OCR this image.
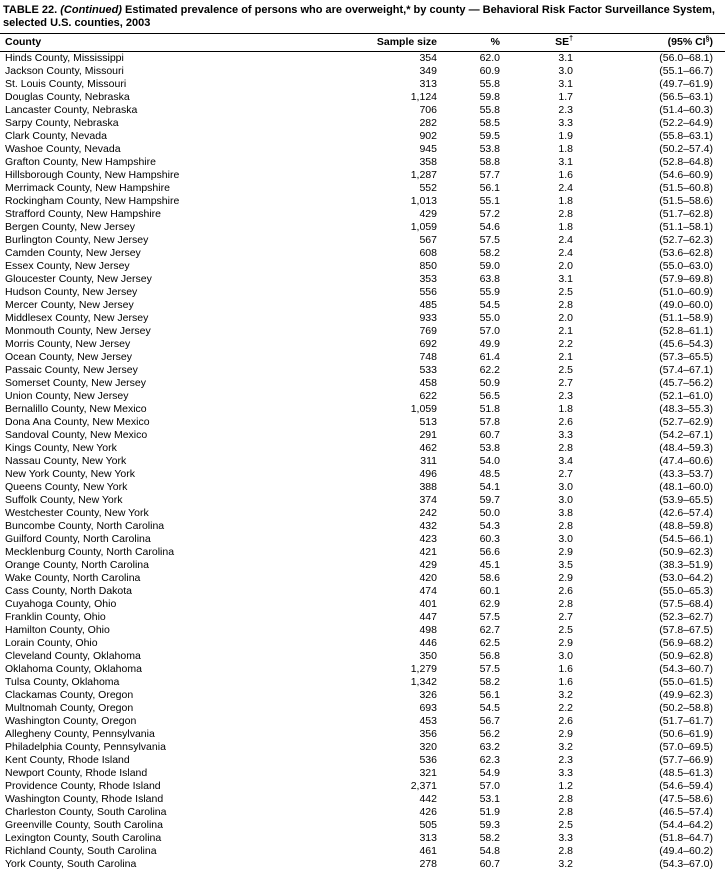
TABLE 22. (Continued) Estimated prevalence of persons who are overweight,* by county — Behavioral Risk Factor Surveillance System, selected U.S. counties, 2003
County	Sample size	%	SE†	(95% CI§)
Hinds County, Mississippi	354	62.0	3.1	(56.0–68.1)
Jackson County, Missouri	349	60.9	3.0	(55.1–66.7)
St. Louis County, Missouri	313	55.8	3.1	(49.7–61.9)
Douglas County, Nebraska	1,124	59.8	1.7	(56.5–63.1)
Lancaster County, Nebraska	706	55.8	2.3	(51.4–60.3)
Sarpy County, Nebraska	282	58.5	3.3	(52.2–64.9)
Clark County, Nevada	902	59.5	1.9	(55.8–63.1)
Washoe County, Nevada	945	53.8	1.8	(50.2–57.4)
Grafton County, New Hampshire	358	58.8	3.1	(52.8–64.8)
Hillsborough County, New Hampshire	1,287	57.7	1.6	(54.6–60.9)
Merrimack County, New Hampshire	552	56.1	2.4	(51.5–60.8)
Rockingham County, New Hampshire	1,013	55.1	1.8	(51.5–58.6)
Strafford County, New Hampshire	429	57.2	2.8	(51.7–62.8)
Bergen County, New Jersey	1,059	54.6	1.8	(51.1–58.1)
Burlington County, New Jersey	567	57.5	2.4	(52.7–62.3)
Camden County, New Jersey	608	58.2	2.4	(53.6–62.8)
Essex County, New Jersey	850	59.0	2.0	(55.0–63.0)
Gloucester County, New Jersey	353	63.8	3.1	(57.9–69.8)
Hudson County, New Jersey	556	55.9	2.5	(51.0–60.9)
Mercer County, New Jersey	485	54.5	2.8	(49.0–60.0)
Middlesex County, New Jersey	933	55.0	2.0	(51.1–58.9)
Monmouth County, New Jersey	769	57.0	2.1	(52.8–61.1)
Morris County, New Jersey	692	49.9	2.2	(45.6–54.3)
Ocean County, New Jersey	748	61.4	2.1	(57.3–65.5)
Passaic County, New Jersey	533	62.2	2.5	(57.4–67.1)
Somerset County, New Jersey	458	50.9	2.7	(45.7–56.2)
Union County, New Jersey	622	56.5	2.3	(52.1–61.0)
Bernalillo County, New Mexico	1,059	51.8	1.8	(48.3–55.3)
Dona Ana County, New Mexico	513	57.8	2.6	(52.7–62.9)
Sandoval County, New Mexico	291	60.7	3.3	(54.2–67.1)
Kings County, New York	462	53.8	2.8	(48.4–59.3)
Nassau County, New York	311	54.0	3.4	(47.4–60.6)
New York County, New York	496	48.5	2.7	(43.3–53.7)
Queens County, New York	388	54.1	3.0	(48.1–60.0)
Suffolk County, New York	374	59.7	3.0	(53.9–65.5)
Westchester County, New York	242	50.0	3.8	(42.6–57.4)
Buncombe County, North Carolina	432	54.3	2.8	(48.8–59.8)
Guilford County, North Carolina	423	60.3	3.0	(54.5–66.1)
Mecklenburg County, North Carolina	421	56.6	2.9	(50.9–62.3)
Orange County, North Carolina	429	45.1	3.5	(38.3–51.9)
Wake County, North Carolina	420	58.6	2.9	(53.0–64.2)
Cass County, North Dakota	474	60.1	2.6	(55.0–65.3)
Cuyahoga County, Ohio	401	62.9	2.8	(57.5–68.4)
Franklin County, Ohio	447	57.5	2.7	(52.3–62.7)
Hamilton County, Ohio	498	62.7	2.5	(57.8–67.5)
Lorain County, Ohio	446	62.5	2.9	(56.9–68.2)
Cleveland County, Oklahoma	350	56.8	3.0	(50.9–62.8)
Oklahoma County, Oklahoma	1,279	57.5	1.6	(54.3–60.7)
Tulsa County, Oklahoma	1,342	58.2	1.6	(55.0–61.5)
Clackamas County, Oregon	326	56.1	3.2	(49.9–62.3)
Multnomah County, Oregon	693	54.5	2.2	(50.2–58.8)
Washington County, Oregon	453	56.7	2.6	(51.7–61.7)
Allegheny County, Pennsylvania	356	56.2	2.9	(50.6–61.9)
Philadelphia County, Pennsylvania	320	63.2	3.2	(57.0–69.5)
Kent County, Rhode Island	536	62.3	2.3	(57.7–66.9)
Newport County, Rhode Island	321	54.9	3.3	(48.5–61.3)
Providence County, Rhode Island	2,371	57.0	1.2	(54.6–59.4)
Washington County, Rhode Island	442	53.1	2.8	(47.5–58.6)
Charleston County, South Carolina	426	51.9	2.8	(46.5–57.4)
Greenville County, South Carolina	505	59.3	2.5	(54.4–64.2)
Lexington County, South Carolina	313	58.2	3.3	(51.8–64.7)
Richland County, South Carolina	461	54.8	2.8	(49.4–60.2)
York County, South Carolina	278	60.7	3.2	(54.3–67.0)
